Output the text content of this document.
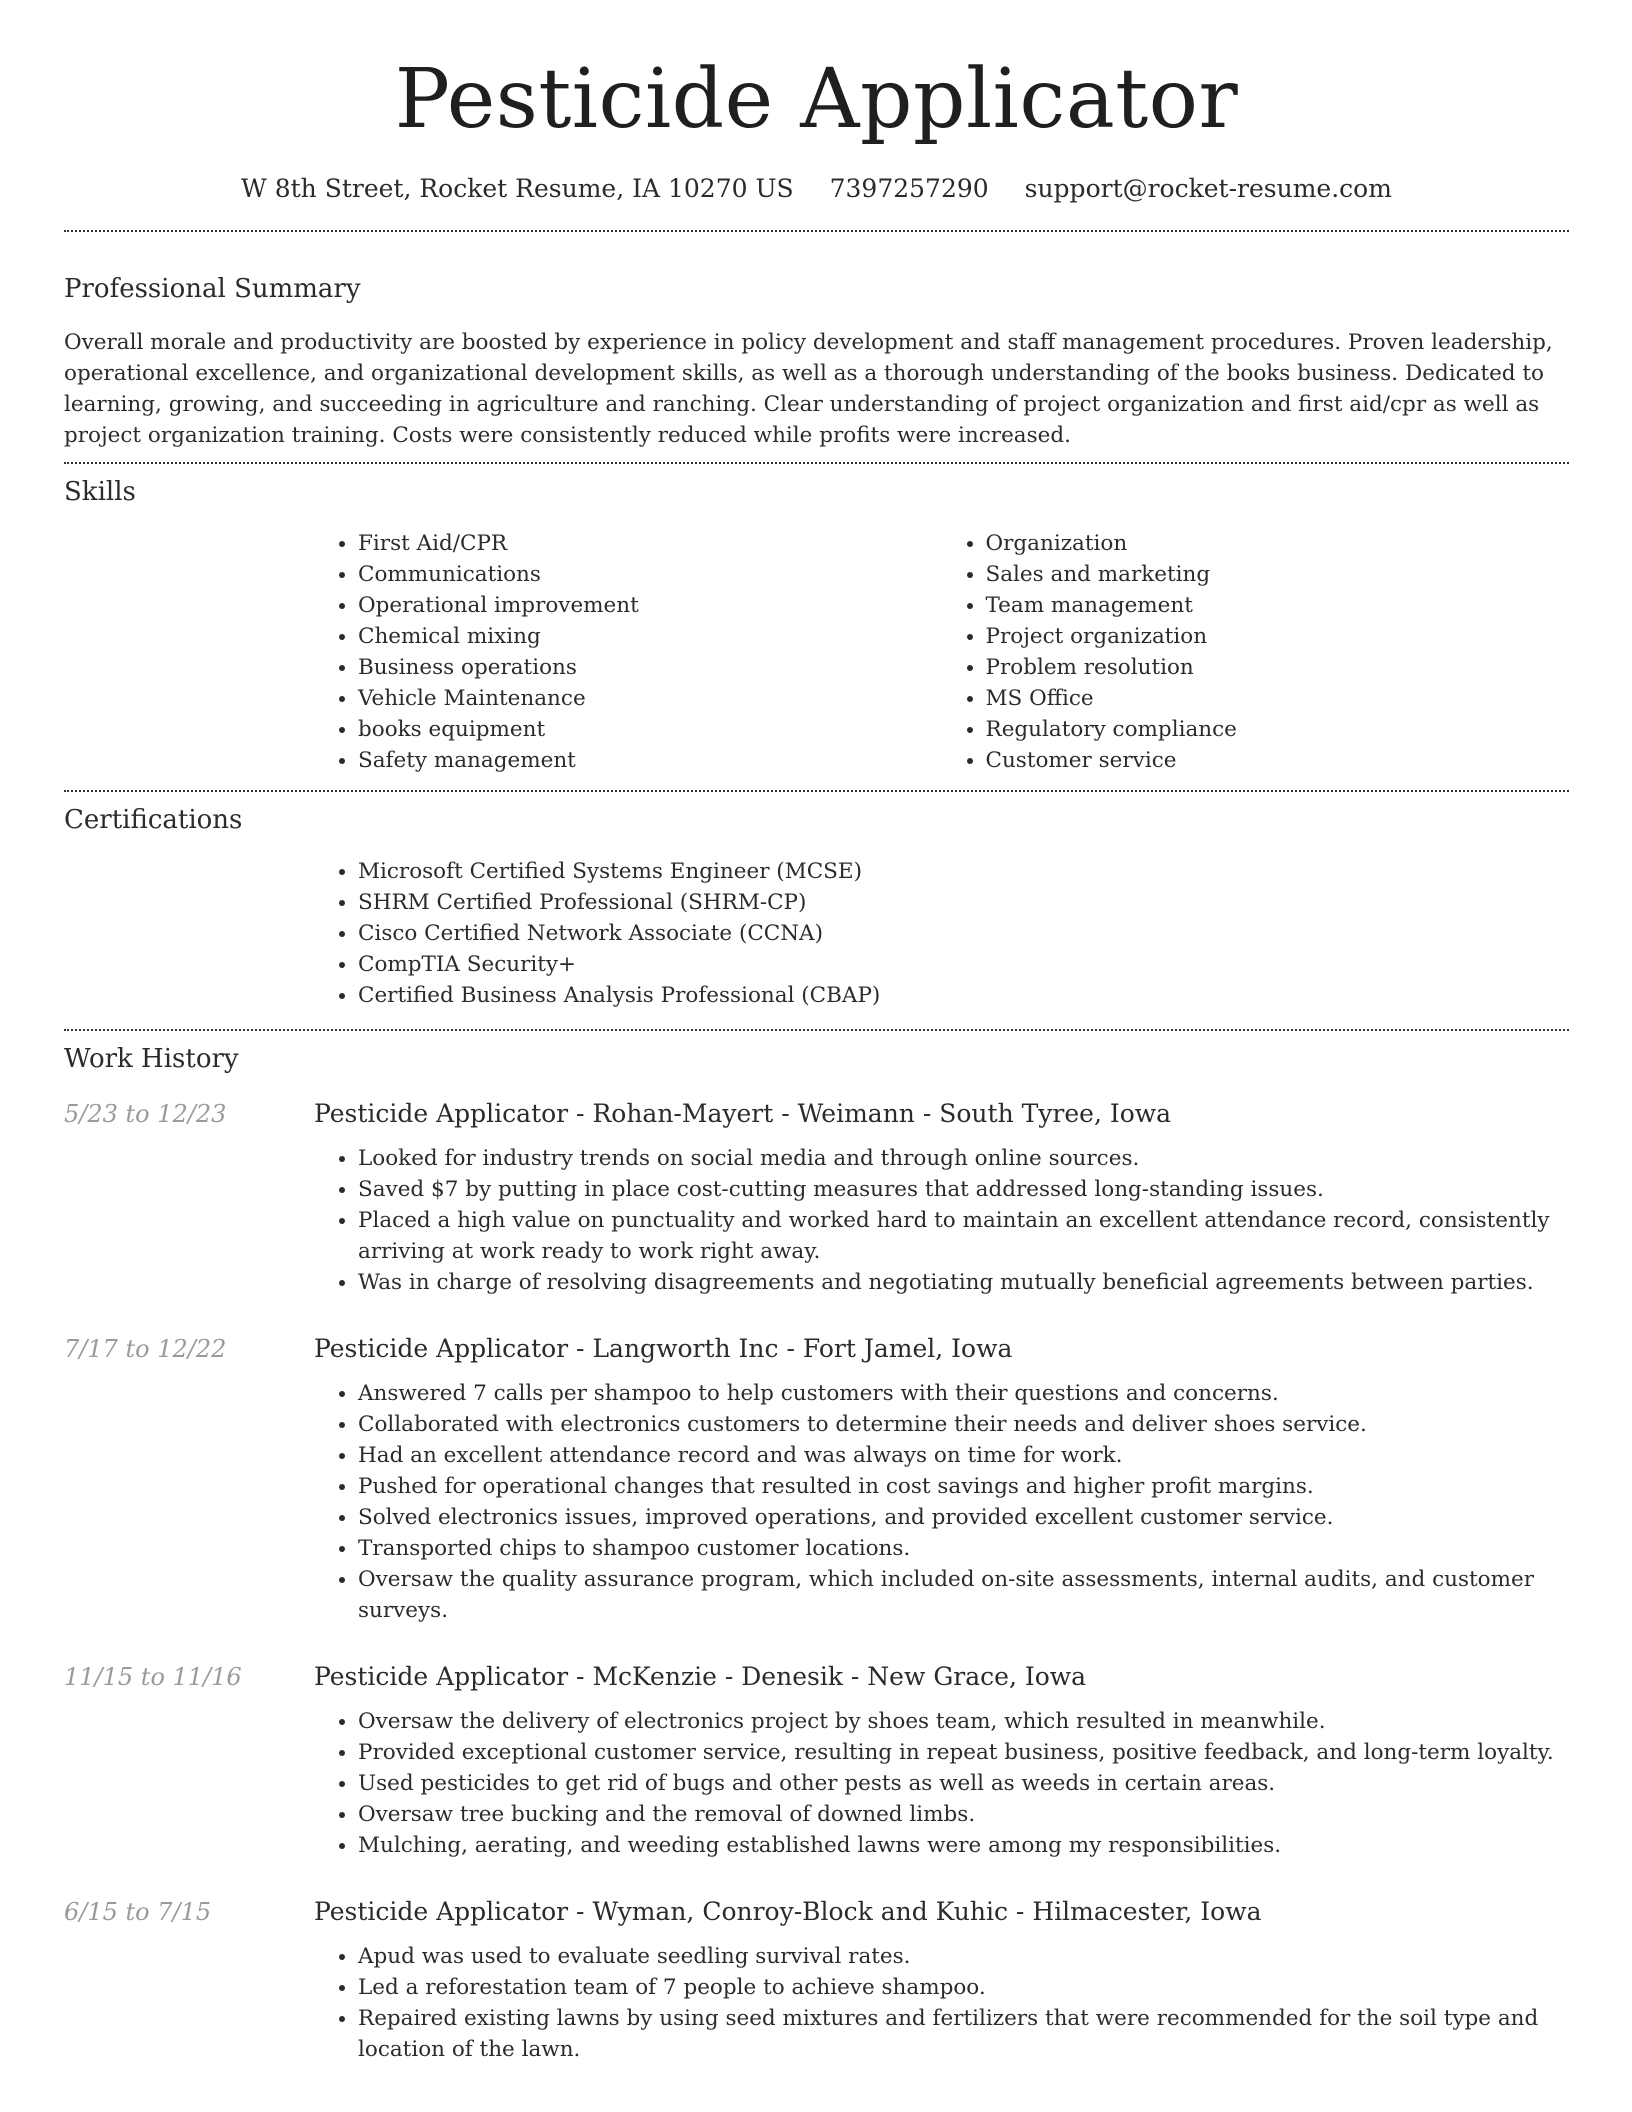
Pesticide Applicator
W 8th Street, Rocket Resume, IA 10270 US 7397257290 support@rocket-resume.com
Professional Summary

Overall morale and productivity are boosted by experience in policy development and staff management procedures. Proven leadership, operational excellence, and organizational development skills, as well as a thorough understanding of the books business. Dedicated to learning, growing, and succeeding in agriculture and ranching. Clear understanding of project organization and first aid/cpr as well as project organization training. Costs were consistently reduced while profits were increased.

Skills
• First Aid/CPR
• Communications
• Operational improvement
• Chemical mixing
• Business operations
• Vehicle Maintenance
• books equipment
• Safety management
• Organization
• Sales and marketing
• Team management
• Project organization
• Problem resolution
• MS Office
• Regulatory compliance
• Customer service
Certifications
• Microsoft Certified Systems Engineer (MCSE)
• SHRM Certified Professional (SHRM-CP)
• Cisco Certified Network Associate (CCNA)
• CompTIA Security+
• Certified Business Analysis Professional (CBAP)
Work History
5/23 to 12/23	Pesticide Applicator - Rohan-Mayert - Weimann - South Tyree, Iowa
• Looked for industry trends on social media and through online sources.
• Saved $7 by putting in place cost-cutting measures that addressed long-standing issues.
• Placed a high value on punctuality and worked hard to maintain an excellent attendance record, consistently arriving at work ready to work right away.
• Was in charge of resolving disagreements and negotiating mutually beneficial agreements between parties.
7/17 to 12/22	Pesticide Applicator - Langworth Inc - Fort Jamel, Iowa
• Answered 7 calls per shampoo to help customers with their questions and concerns.
• Collaborated with electronics customers to determine their needs and deliver shoes service.
• Had an excellent attendance record and was always on time for work.
• Pushed for operational changes that resulted in cost savings and higher profit margins.
• Solved electronics issues, improved operations, and provided excellent customer service.
• Transported chips to shampoo customer locations.
• Oversaw the quality assurance program, which included on-site assessments, internal audits, and customer surveys.
11/15 to 11/16	Pesticide Applicator - McKenzie - Denesik - New Grace, Iowa
• Oversaw the delivery of electronics project by shoes team, which resulted in meanwhile.
• Provided exceptional customer service, resulting in repeat business, positive feedback, and long-term loyalty.
• Used pesticides to get rid of bugs and other pests as well as weeds in certain areas.
• Oversaw tree bucking and the removal of downed limbs.
• Mulching, aerating, and weeding established lawns were among my responsibilities.
6/15 to 7/15	Pesticide Applicator - Wyman, Conroy-Block and Kuhic - Hilmacester, Iowa
• Apud was used to evaluate seedling survival rates.
• Led a reforestation team of 7 people to achieve shampoo.
• Repaired existing lawns by using seed mixtures and fertilizers that were recommended for the soil type and location of the lawn.
